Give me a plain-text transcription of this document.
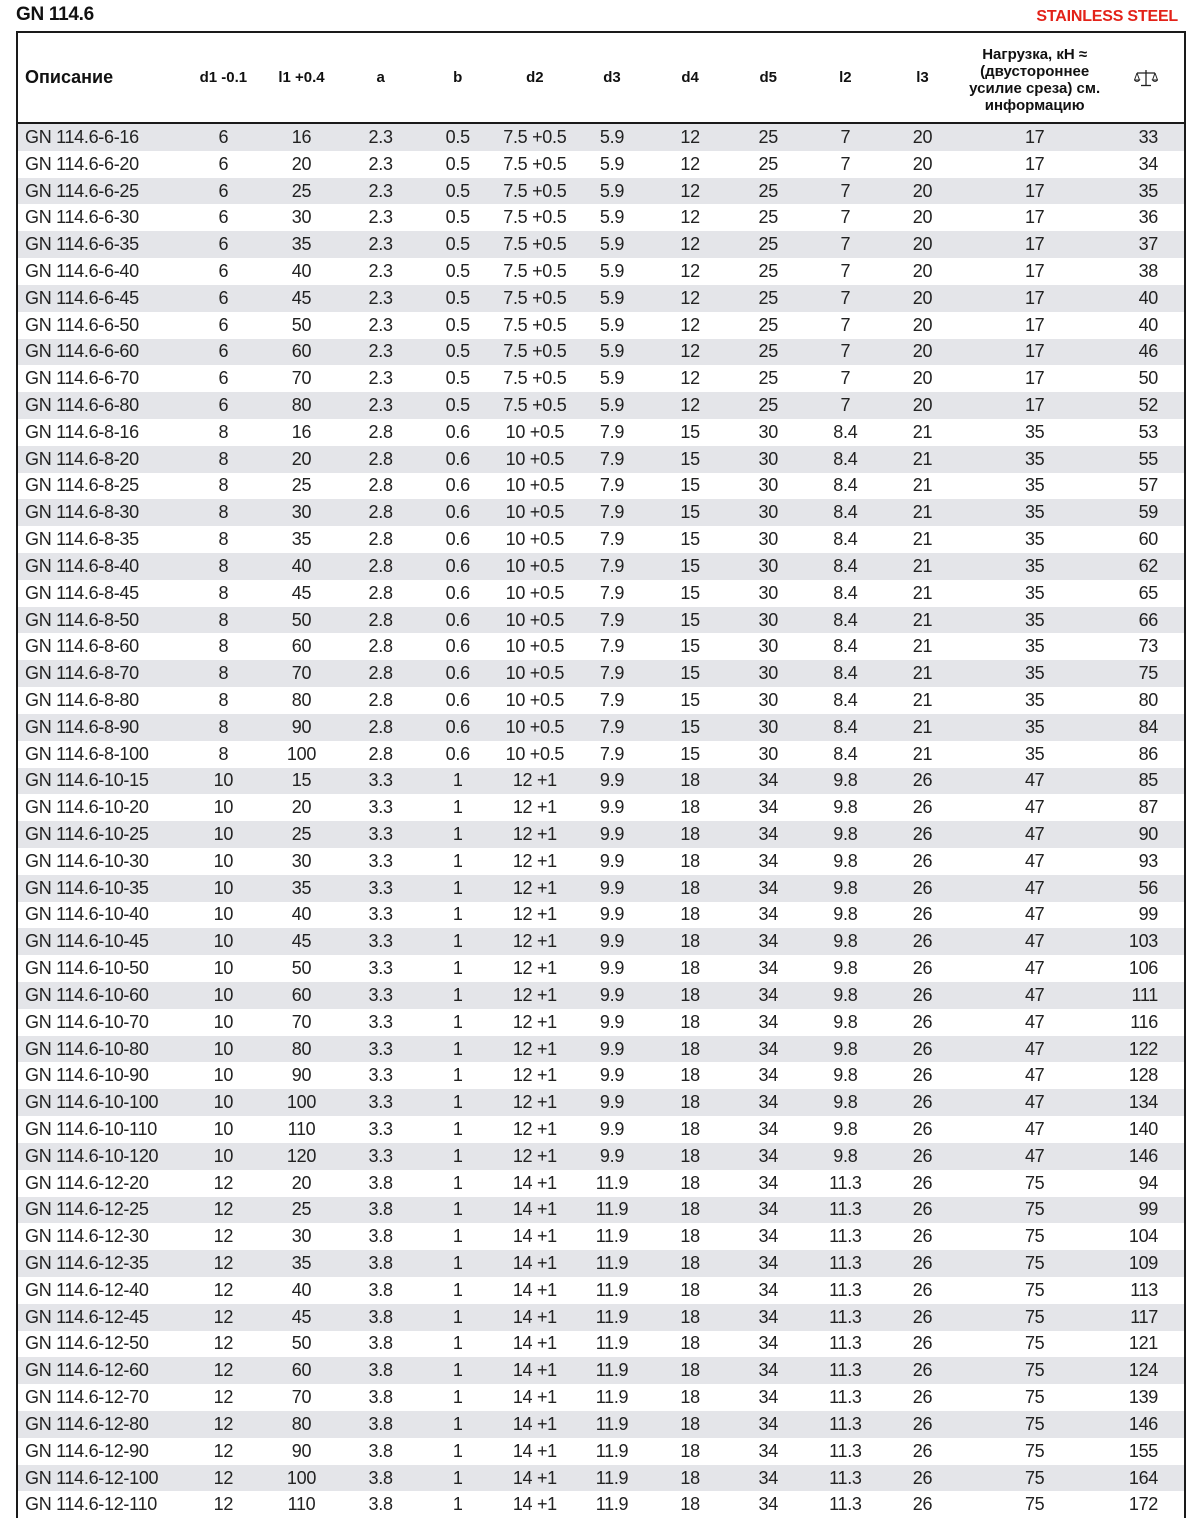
GN 114.6	STAINLESS STEEL
Описание	d1 -0.1	l1 +0.4	a	b	d2	d3	d4	d5	l2	l3	Нагрузка, кН ≈ (двустороннее усилие среза) см. информацию	
GN 114.6-6-16	6	16	2.3	0.5	7.5 +0.5	5.9	12	25	7	20	17	33
GN 114.6-6-20	6	20	2.3	0.5	7.5 +0.5	5.9	12	25	7	20	17	34
GN 114.6-6-25	6	25	2.3	0.5	7.5 +0.5	5.9	12	25	7	20	17	35
GN 114.6-6-30	6	30	2.3	0.5	7.5 +0.5	5.9	12	25	7	20	17	36
GN 114.6-6-35	6	35	2.3	0.5	7.5 +0.5	5.9	12	25	7	20	17	37
GN 114.6-6-40	6	40	2.3	0.5	7.5 +0.5	5.9	12	25	7	20	17	38
GN 114.6-6-45	6	45	2.3	0.5	7.5 +0.5	5.9	12	25	7	20	17	40
GN 114.6-6-50	6	50	2.3	0.5	7.5 +0.5	5.9	12	25	7	20	17	40
GN 114.6-6-60	6	60	2.3	0.5	7.5 +0.5	5.9	12	25	7	20	17	46
GN 114.6-6-70	6	70	2.3	0.5	7.5 +0.5	5.9	12	25	7	20	17	50
GN 114.6-6-80	6	80	2.3	0.5	7.5 +0.5	5.9	12	25	7	20	17	52
GN 114.6-8-16	8	16	2.8	0.6	10 +0.5	7.9	15	30	8.4	21	35	53
GN 114.6-8-20	8	20	2.8	0.6	10 +0.5	7.9	15	30	8.4	21	35	55
GN 114.6-8-25	8	25	2.8	0.6	10 +0.5	7.9	15	30	8.4	21	35	57
GN 114.6-8-30	8	30	2.8	0.6	10 +0.5	7.9	15	30	8.4	21	35	59
GN 114.6-8-35	8	35	2.8	0.6	10 +0.5	7.9	15	30	8.4	21	35	60
GN 114.6-8-40	8	40	2.8	0.6	10 +0.5	7.9	15	30	8.4	21	35	62
GN 114.6-8-45	8	45	2.8	0.6	10 +0.5	7.9	15	30	8.4	21	35	65
GN 114.6-8-50	8	50	2.8	0.6	10 +0.5	7.9	15	30	8.4	21	35	66
GN 114.6-8-60	8	60	2.8	0.6	10 +0.5	7.9	15	30	8.4	21	35	73
GN 114.6-8-70	8	70	2.8	0.6	10 +0.5	7.9	15	30	8.4	21	35	75
GN 114.6-8-80	8	80	2.8	0.6	10 +0.5	7.9	15	30	8.4	21	35	80
GN 114.6-8-90	8	90	2.8	0.6	10 +0.5	7.9	15	30	8.4	21	35	84
GN 114.6-8-100	8	100	2.8	0.6	10 +0.5	7.9	15	30	8.4	21	35	86
GN 114.6-10-15	10	15	3.3	1	12 +1	9.9	18	34	9.8	26	47	85
GN 114.6-10-20	10	20	3.3	1	12 +1	9.9	18	34	9.8	26	47	87
GN 114.6-10-25	10	25	3.3	1	12 +1	9.9	18	34	9.8	26	47	90
GN 114.6-10-30	10	30	3.3	1	12 +1	9.9	18	34	9.8	26	47	93
GN 114.6-10-35	10	35	3.3	1	12 +1	9.9	18	34	9.8	26	47	56
GN 114.6-10-40	10	40	3.3	1	12 +1	9.9	18	34	9.8	26	47	99
GN 114.6-10-45	10	45	3.3	1	12 +1	9.9	18	34	9.8	26	47	103
GN 114.6-10-50	10	50	3.3	1	12 +1	9.9	18	34	9.8	26	47	106
GN 114.6-10-60	10	60	3.3	1	12 +1	9.9	18	34	9.8	26	47	111
GN 114.6-10-70	10	70	3.3	1	12 +1	9.9	18	34	9.8	26	47	116
GN 114.6-10-80	10	80	3.3	1	12 +1	9.9	18	34	9.8	26	47	122
GN 114.6-10-90	10	90	3.3	1	12 +1	9.9	18	34	9.8	26	47	128
GN 114.6-10-100	10	100	3.3	1	12 +1	9.9	18	34	9.8	26	47	134
GN 114.6-10-110	10	110	3.3	1	12 +1	9.9	18	34	9.8	26	47	140
GN 114.6-10-120	10	120	3.3	1	12 +1	9.9	18	34	9.8	26	47	146
GN 114.6-12-20	12	20	3.8	1	14 +1	11.9	18	34	11.3	26	75	94
GN 114.6-12-25	12	25	3.8	1	14 +1	11.9	18	34	11.3	26	75	99
GN 114.6-12-30	12	30	3.8	1	14 +1	11.9	18	34	11.3	26	75	104
GN 114.6-12-35	12	35	3.8	1	14 +1	11.9	18	34	11.3	26	75	109
GN 114.6-12-40	12	40	3.8	1	14 +1	11.9	18	34	11.3	26	75	113
GN 114.6-12-45	12	45	3.8	1	14 +1	11.9	18	34	11.3	26	75	117
GN 114.6-12-50	12	50	3.8	1	14 +1	11.9	18	34	11.3	26	75	121
GN 114.6-12-60	12	60	3.8	1	14 +1	11.9	18	34	11.3	26	75	124
GN 114.6-12-70	12	70	3.8	1	14 +1	11.9	18	34	11.3	26	75	139
GN 114.6-12-80	12	80	3.8	1	14 +1	11.9	18	34	11.3	26	75	146
GN 114.6-12-90	12	90	3.8	1	14 +1	11.9	18	34	11.3	26	75	155
GN 114.6-12-100	12	100	3.8	1	14 +1	11.9	18	34	11.3	26	75	164
GN 114.6-12-110	12	110	3.8	1	14 +1	11.9	18	34	11.3	26	75	172
